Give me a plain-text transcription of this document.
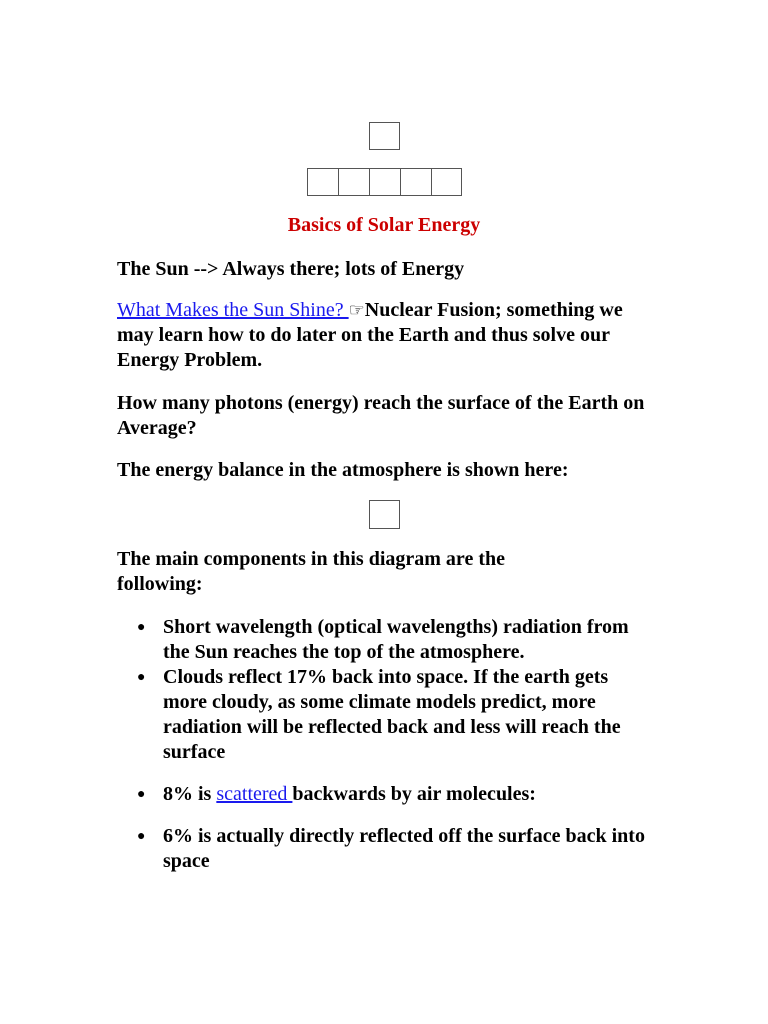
Basics of Solar Energy
The Sun --> Always there; lots of Energy
What Makes the Sun Shine? ☞Nuclear Fusion; something we may learn how to do later on the Earth and thus solve our Energy Problem.
How many photons (energy) reach the surface of the Earth on Average?
The energy balance in the atmosphere is shown here:
The main components in this diagram are the following:
● Short wavelength (optical wavelengths) radiation from the Sun reaches the top of the atmosphere.
● Clouds reflect 17% back into space. If the earth gets more cloudy, as some climate models predict, more radiation will be reflected back and less will reach the surface
● 8% is scattered backwards by air molecules:
● 6% is actually directly reflected off the surface back into space
